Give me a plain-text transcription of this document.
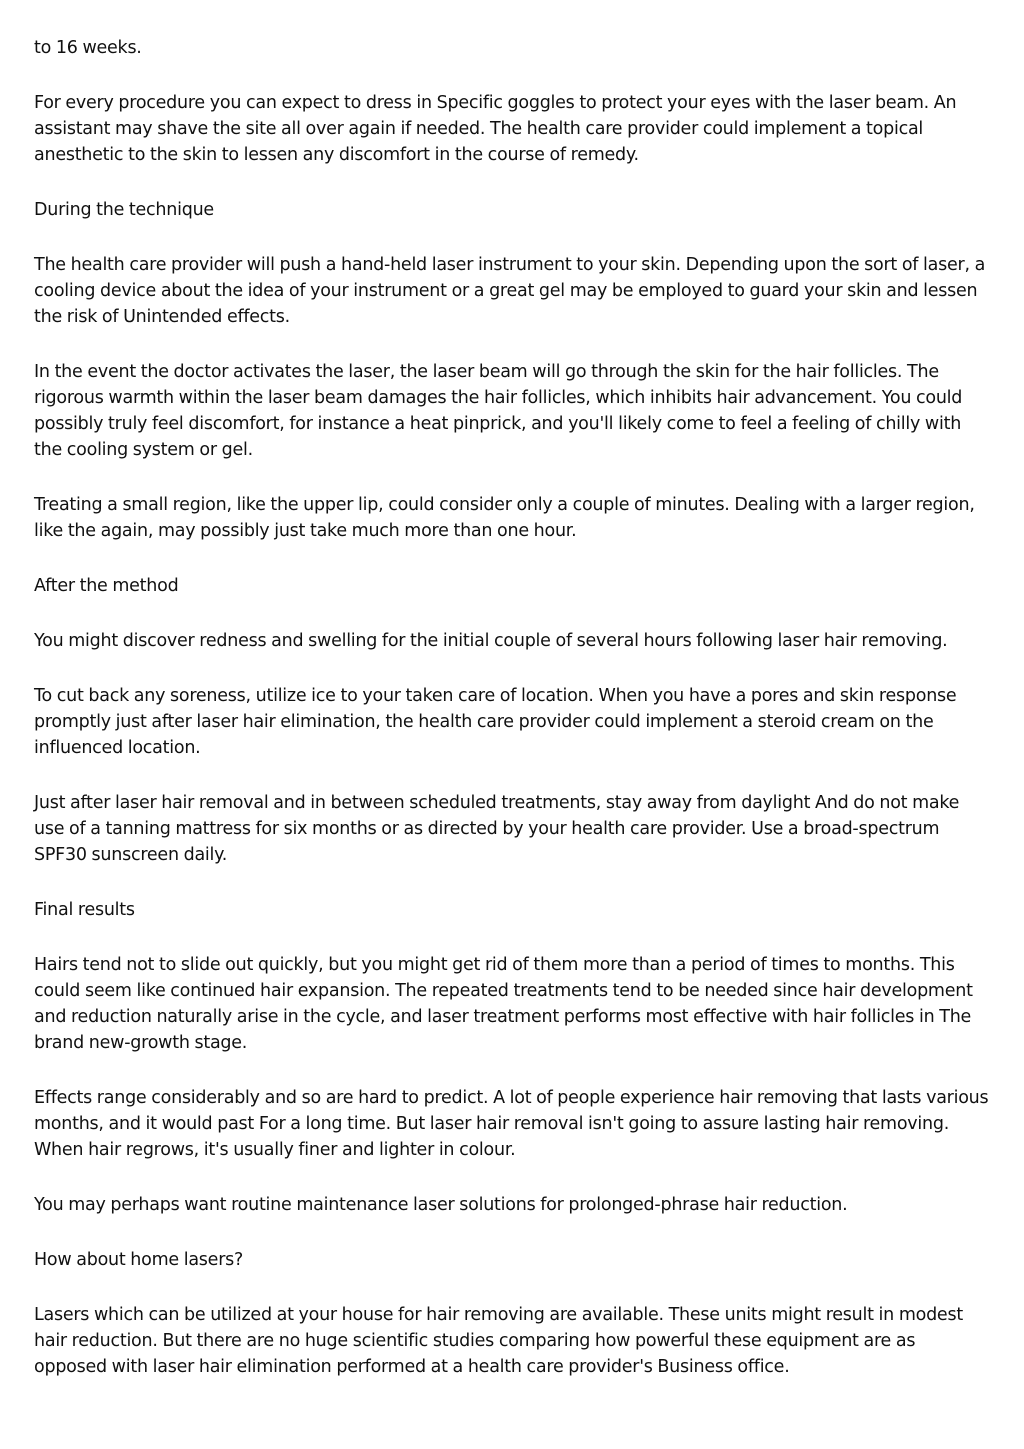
to 16 weeks.

For every procedure you can expect to dress in Specific goggles to protect your eyes with the laser beam. An assistant may shave the site all over again if needed. The health care provider could implement a topical anesthetic to the skin to lessen any discomfort in the course of remedy.

During the technique

The health care provider will push a hand-held laser instrument to your skin. Depending upon the sort of laser, a cooling device about the idea of your instrument or a great gel may be employed to guard your skin and lessen the risk of Unintended effects.

In the event the doctor activates the laser, the laser beam will go through the skin for the hair follicles. The rigorous warmth within the laser beam damages the hair follicles, which inhibits hair advancement. You could possibly truly feel discomfort, for instance a heat pinprick, and you'll likely come to feel a feeling of chilly with the cooling system or gel.

Treating a small region, like the upper lip, could consider only a couple of minutes. Dealing with a larger region, like the again, may possibly just take much more than one hour.

After the method

You might discover redness and swelling for the initial couple of several hours following laser hair removing.

To cut back any soreness, utilize ice to your taken care of location. When you have a pores and skin response promptly just after laser hair elimination, the health care provider could implement a steroid cream on the influenced location.

Just after laser hair removal and in between scheduled treatments, stay away from daylight And do not make use of a tanning mattress for six months or as directed by your health care provider. Use a broad-spectrum SPF30 sunscreen daily.

Final results

Hairs tend not to slide out quickly, but you might get rid of them more than a period of times to months. This could seem like continued hair expansion. The repeated treatments tend to be needed since hair development and reduction naturally arise in the cycle, and laser treatment performs most effective with hair follicles in The brand new-growth stage.

Effects range considerably and so are hard to predict. A lot of people experience hair removing that lasts various months, and it would past For a long time. But laser hair removal isn't going to assure lasting hair removing. When hair regrows, it's usually finer and lighter in colour.

You may perhaps want routine maintenance laser solutions for prolonged-phrase hair reduction.

How about home lasers?

Lasers which can be utilized at your house for hair removing are available. These units might result in modest hair reduction. But there are no huge scientific studies comparing how powerful these equipment are as opposed with laser hair elimination performed at a health care provider's Business office.
